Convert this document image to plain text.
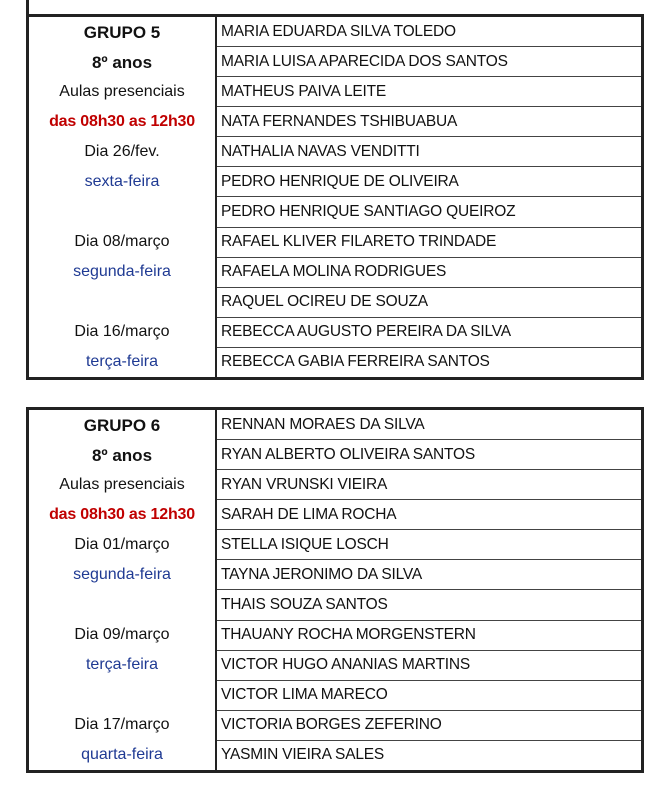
GRUPO 5
8º anos
Aulas presenciais
das 08h30 as 12h30
Dia 26/fev.
sexta-feira
Dia 08/março
segunda-feira
Dia 16/março
terça-feira
MARIA EDUARDA SILVA TOLEDO
MARIA LUISA APARECIDA DOS SANTOS
MATHEUS PAIVA LEITE
NATA FERNANDES TSHIBUABUA
NATHALIA NAVAS VENDITTI
PEDRO HENRIQUE DE OLIVEIRA
PEDRO HENRIQUE SANTIAGO QUEIROZ
RAFAEL KLIVER FILARETO TRINDADE
RAFAELA MOLINA RODRIGUES
RAQUEL OCIREU DE SOUZA
REBECCA AUGUSTO PEREIRA DA SILVA
REBECCA GABIA FERREIRA SANTOS
GRUPO 6
8º anos
Aulas presenciais
das 08h30 as 12h30
Dia 01/março
segunda-feira
Dia 09/março
terça-feira
Dia 17/março
quarta-feira
RENNAN MORAES DA SILVA
RYAN ALBERTO OLIVEIRA SANTOS
RYAN VRUNSKI VIEIRA
SARAH DE LIMA ROCHA
STELLA ISIQUE LOSCH
TAYNA JERONIMO DA SILVA
THAIS SOUZA SANTOS
THAUANY ROCHA MORGENSTERN
VICTOR HUGO ANANIAS MARTINS
VICTOR LIMA MARECO
VICTORIA BORGES ZEFERINO
YASMIN VIEIRA SALES
